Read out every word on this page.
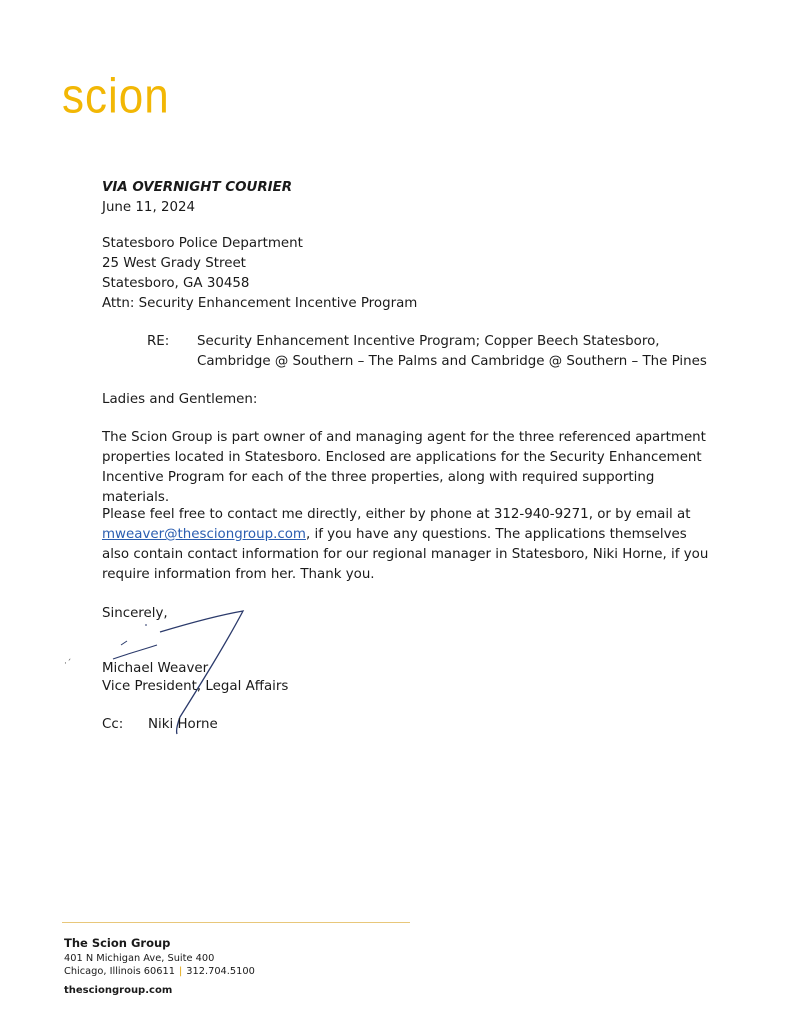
scion
VIA OVERNIGHT COURIER
June 11, 2024
Statesboro Police Department
25 West Grady Street
Statesboro, GA 30458
Attn: Security Enhancement Incentive Program
RE: Security Enhancement Incentive Program; Copper Beech Statesboro, Cambridge @ Southern – The Palms and Cambridge @ Southern – The Pines
Ladies and Gentlemen:
The Scion Group is part owner of and managing agent for the three referenced apartment properties located in Statesboro. Enclosed are applications for the Security Enhancement Incentive Program for each of the three properties, along with required supporting materials.
Please feel free to contact me directly, either by phone at 312-940-9271, or by email at mweaver@thesciongroup.com, if you have any questions. The applications themselves also contain contact information for our regional manager in Statesboro, Niki Horne, if you require information from her. Thank you.
Sincerely,
·´ Michael Weaver
Vice President, Legal Affairs
Cc: Niki Horne
The Scion Group
401 N Michigan Ave, Suite 400
Chicago, Illinois 60611 | 312.704.5100
thesciongroup.com
